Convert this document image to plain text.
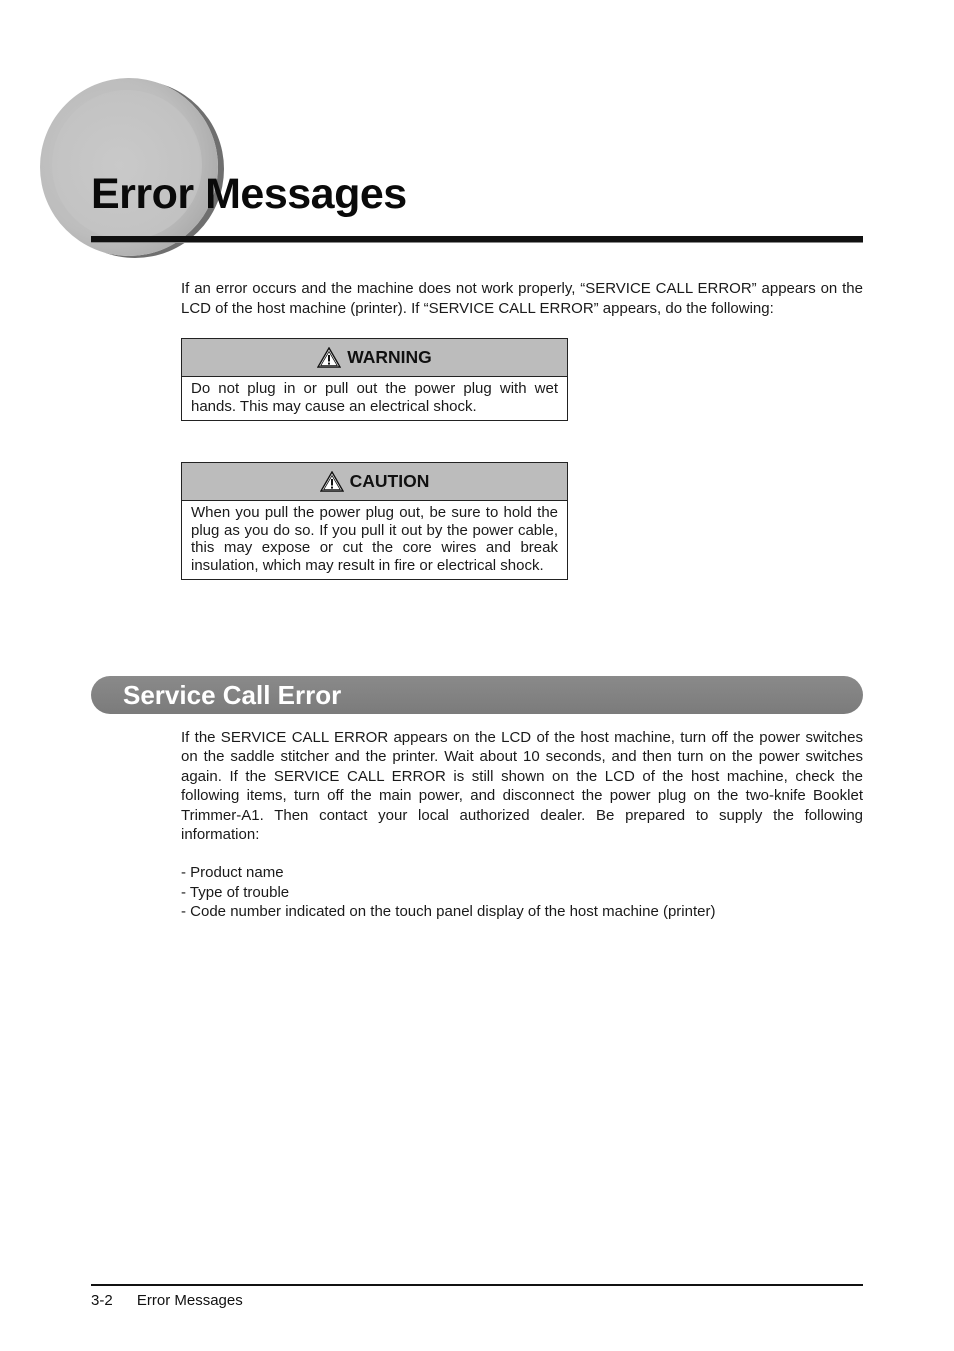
Error Messages

If an error occurs and the machine does not work properly, “SERVICE CALL ERROR” appears on the LCD of the host machine (printer). If “SERVICE CALL ERROR” appears, do the following:

WARNING
Do not plug in or pull out the power plug with wet hands. This may cause an electrical shock.
CAUTION
When you pull the power plug out, be sure to hold the plug as you do so. If you pull it out by the power cable, this may expose or cut the core wires and break insulation, which may result in fire or electrical shock.
Service Call Error

If the SERVICE CALL ERROR appears on the LCD of the host machine, turn off the power switches on the saddle stitcher and the printer. Wait about 10 seconds, and then turn on the power switches again. If the SERVICE CALL ERROR is still shown on the LCD of the host machine, check the following items, turn off the main power, and disconnect the power plug on the two-knife Booklet Trimmer-A1. Then contact your local authorized dealer. Be prepared to supply the following information:

- Product name
- Type of trouble
- Code number indicated on the touch panel display of the host machine (printer)
3-2 Error Messages
